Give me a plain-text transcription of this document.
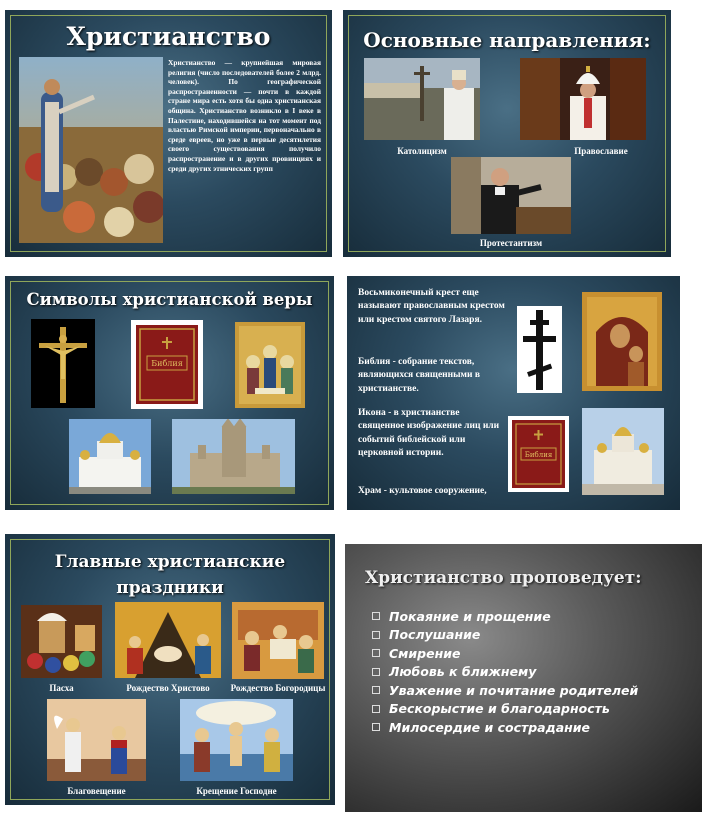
Христианство
Христианство — крупнейшая мировая религия (число последователей более 2 млрд. человек). По географической распространенности — почти в каждой стране мира есть хотя бы одна христианская община. Христианство возникло в I веке в Палестине, находившейся на тот момент под властью Римской империи, первоначально в среде евреев, но уже в первые десятилетия своего существования получило распространение и в других провинциях и среди других этнических групп
Основные направления:
Католицизм	Православие
Протестантизм
Символы христианской веры
Библия
Восьмиконечный крест еще называют православным крестом или крестом святого Лазаря.
Библия - собрание текстов, являющихся священными в христианстве.
Икона - в христианстве священное изображение лиц или событий библейской или церковной истории.
Храм - культовое сооружение,
Библия
Главные христианские праздники
Пасха	Рождество Христово	Рождество Богородицы
Благовещение	Крещение Господне
Христианство проповедует:
Покаяние и прощение
Послушание
Смирение
Любовь к ближнему
Уважение и почитание родителей
Бескорыстие и благодарность
Милосердие и сострадание
